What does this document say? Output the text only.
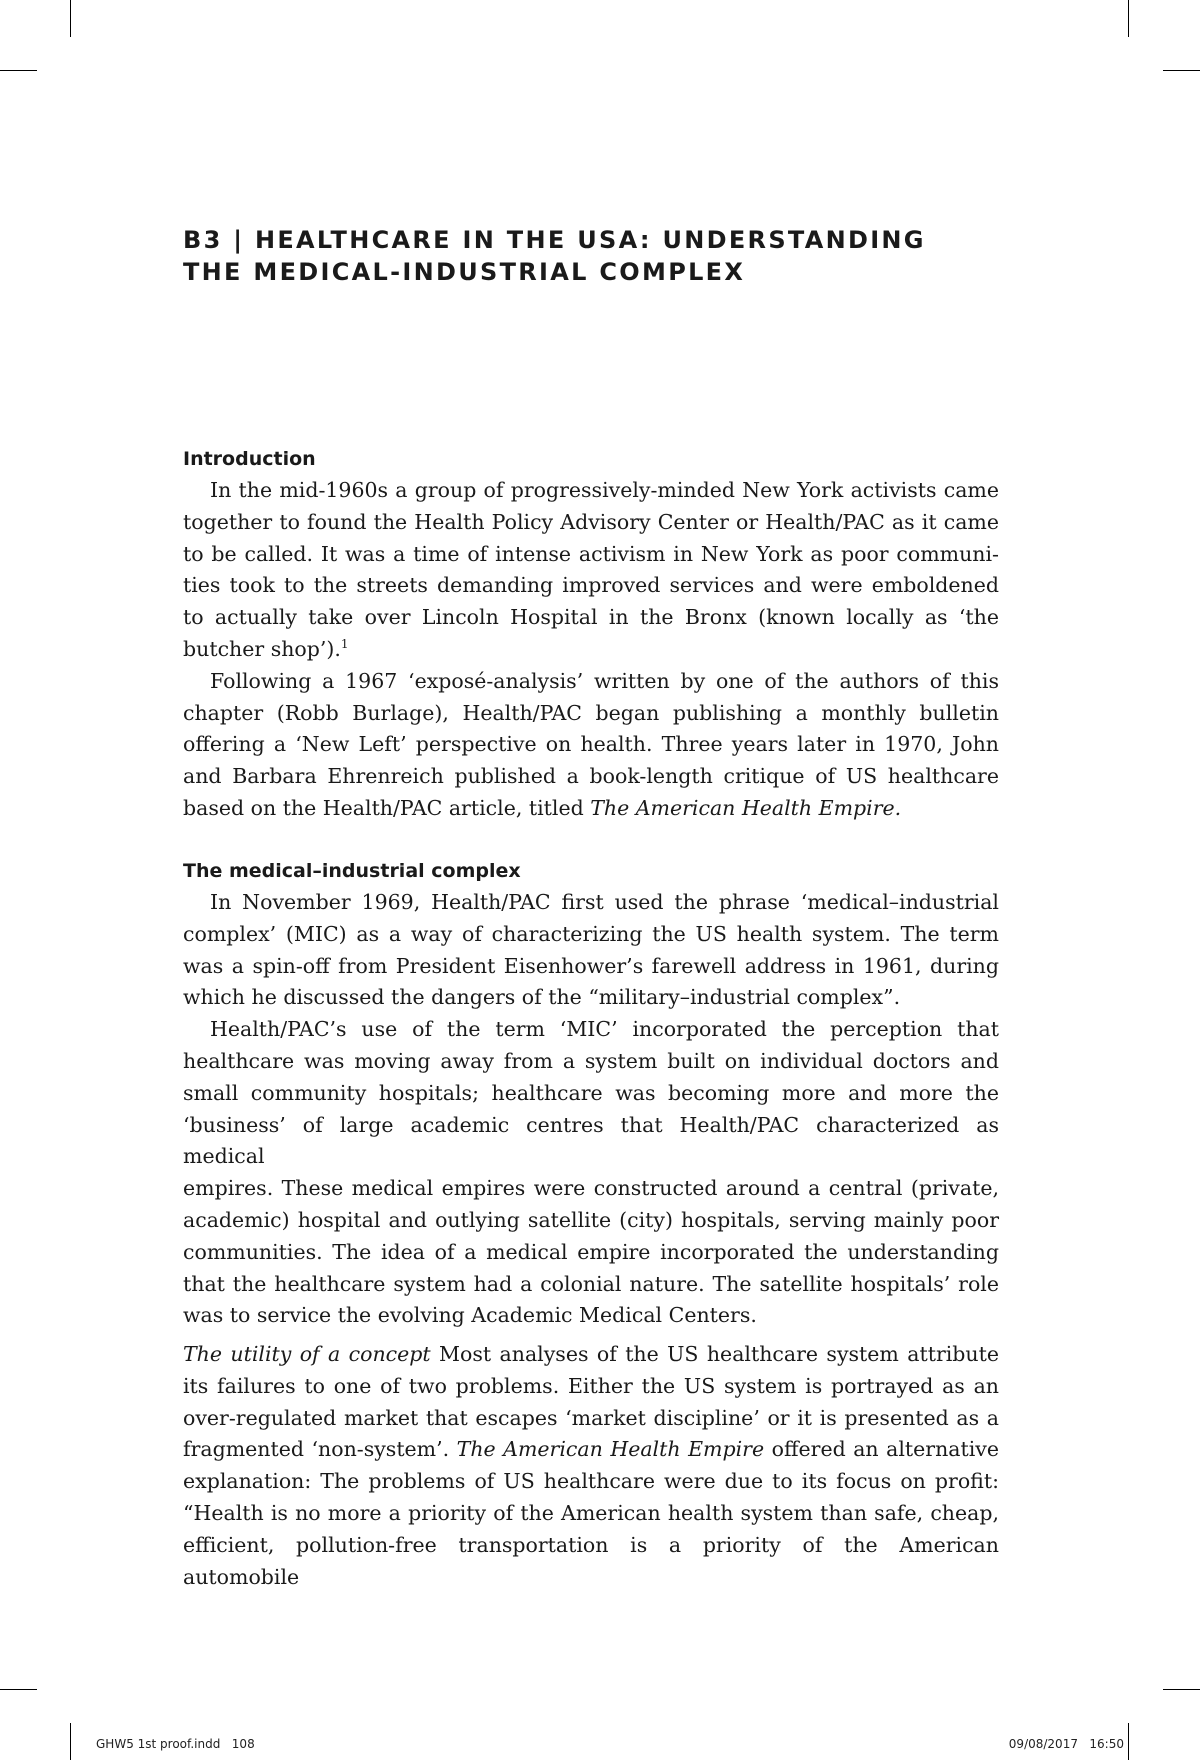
B3 | HEALTHCARE IN THE USA: UNDERSTANDING
THE MEDICAL-INDUSTRIAL COMPLEX
Introduction

In the mid-1960s a group of progressively-minded New York activists came

together to found the Health Policy Advisory Center or Health/PAC as it came

to be called. It was a time of intense activism in New York as poor communi-

ties took to the streets demanding improved services and were emboldened

to actually take over Lincoln Hospital in the Bronx (known locally as ‘the

butcher shop’).$^1$

Following a 1967 ‘exposé-analysis’ written by one of the authors of this

chapter (Robb Burlage), Health/PAC began publishing a monthly bulletin

offering a ‘New Left’ perspective on health. Three years later in 1970, John

and Barbara Ehrenreich published a book-length critique of US healthcare

based on the Health/PAC article, titled The American Health Empire.

The medical–industrial complex

In November 1969, Health/PAC first used the phrase ‘medical–industrial

complex’ (MIC) as a way of characterizing the US health system. The term

was a spin-off from President Eisenhower’s farewell address in 1961, during

which he discussed the dangers of the “military–industrial complex”.

Health/PAC’s use of the term ‘MIC’ incorporated the perception that

healthcare was moving away from a system built on individual doctors and

small community hospitals; healthcare was becoming more and more the

‘business’ of large academic centres that Health/PAC characterized as medical

empires. These medical empires were constructed around a central (private,

academic) hospital and outlying satellite (city) hospitals, serving mainly poor

communities. The idea of a medical empire incorporated the understanding

that the healthcare system had a colonial nature. The satellite hospitals’ role

was to service the evolving Academic Medical Centers.

The utility of a concept Most analyses of the US healthcare system attribute

its failures to one of two problems. Either the US system is portrayed as an

over-regulated market that escapes ‘market discipline’ or it is presented as a

fragmented ‘non-system’. The American Health Empire offered an alternative

explanation: The problems of US healthcare were due to its focus on profit:

“Health is no more a priority of the American health system than safe, cheap,

efficient, pollution-free transportation is a priority of the American automobile

GHW5 1st proof.indd   108	09/08/2017   16:50
